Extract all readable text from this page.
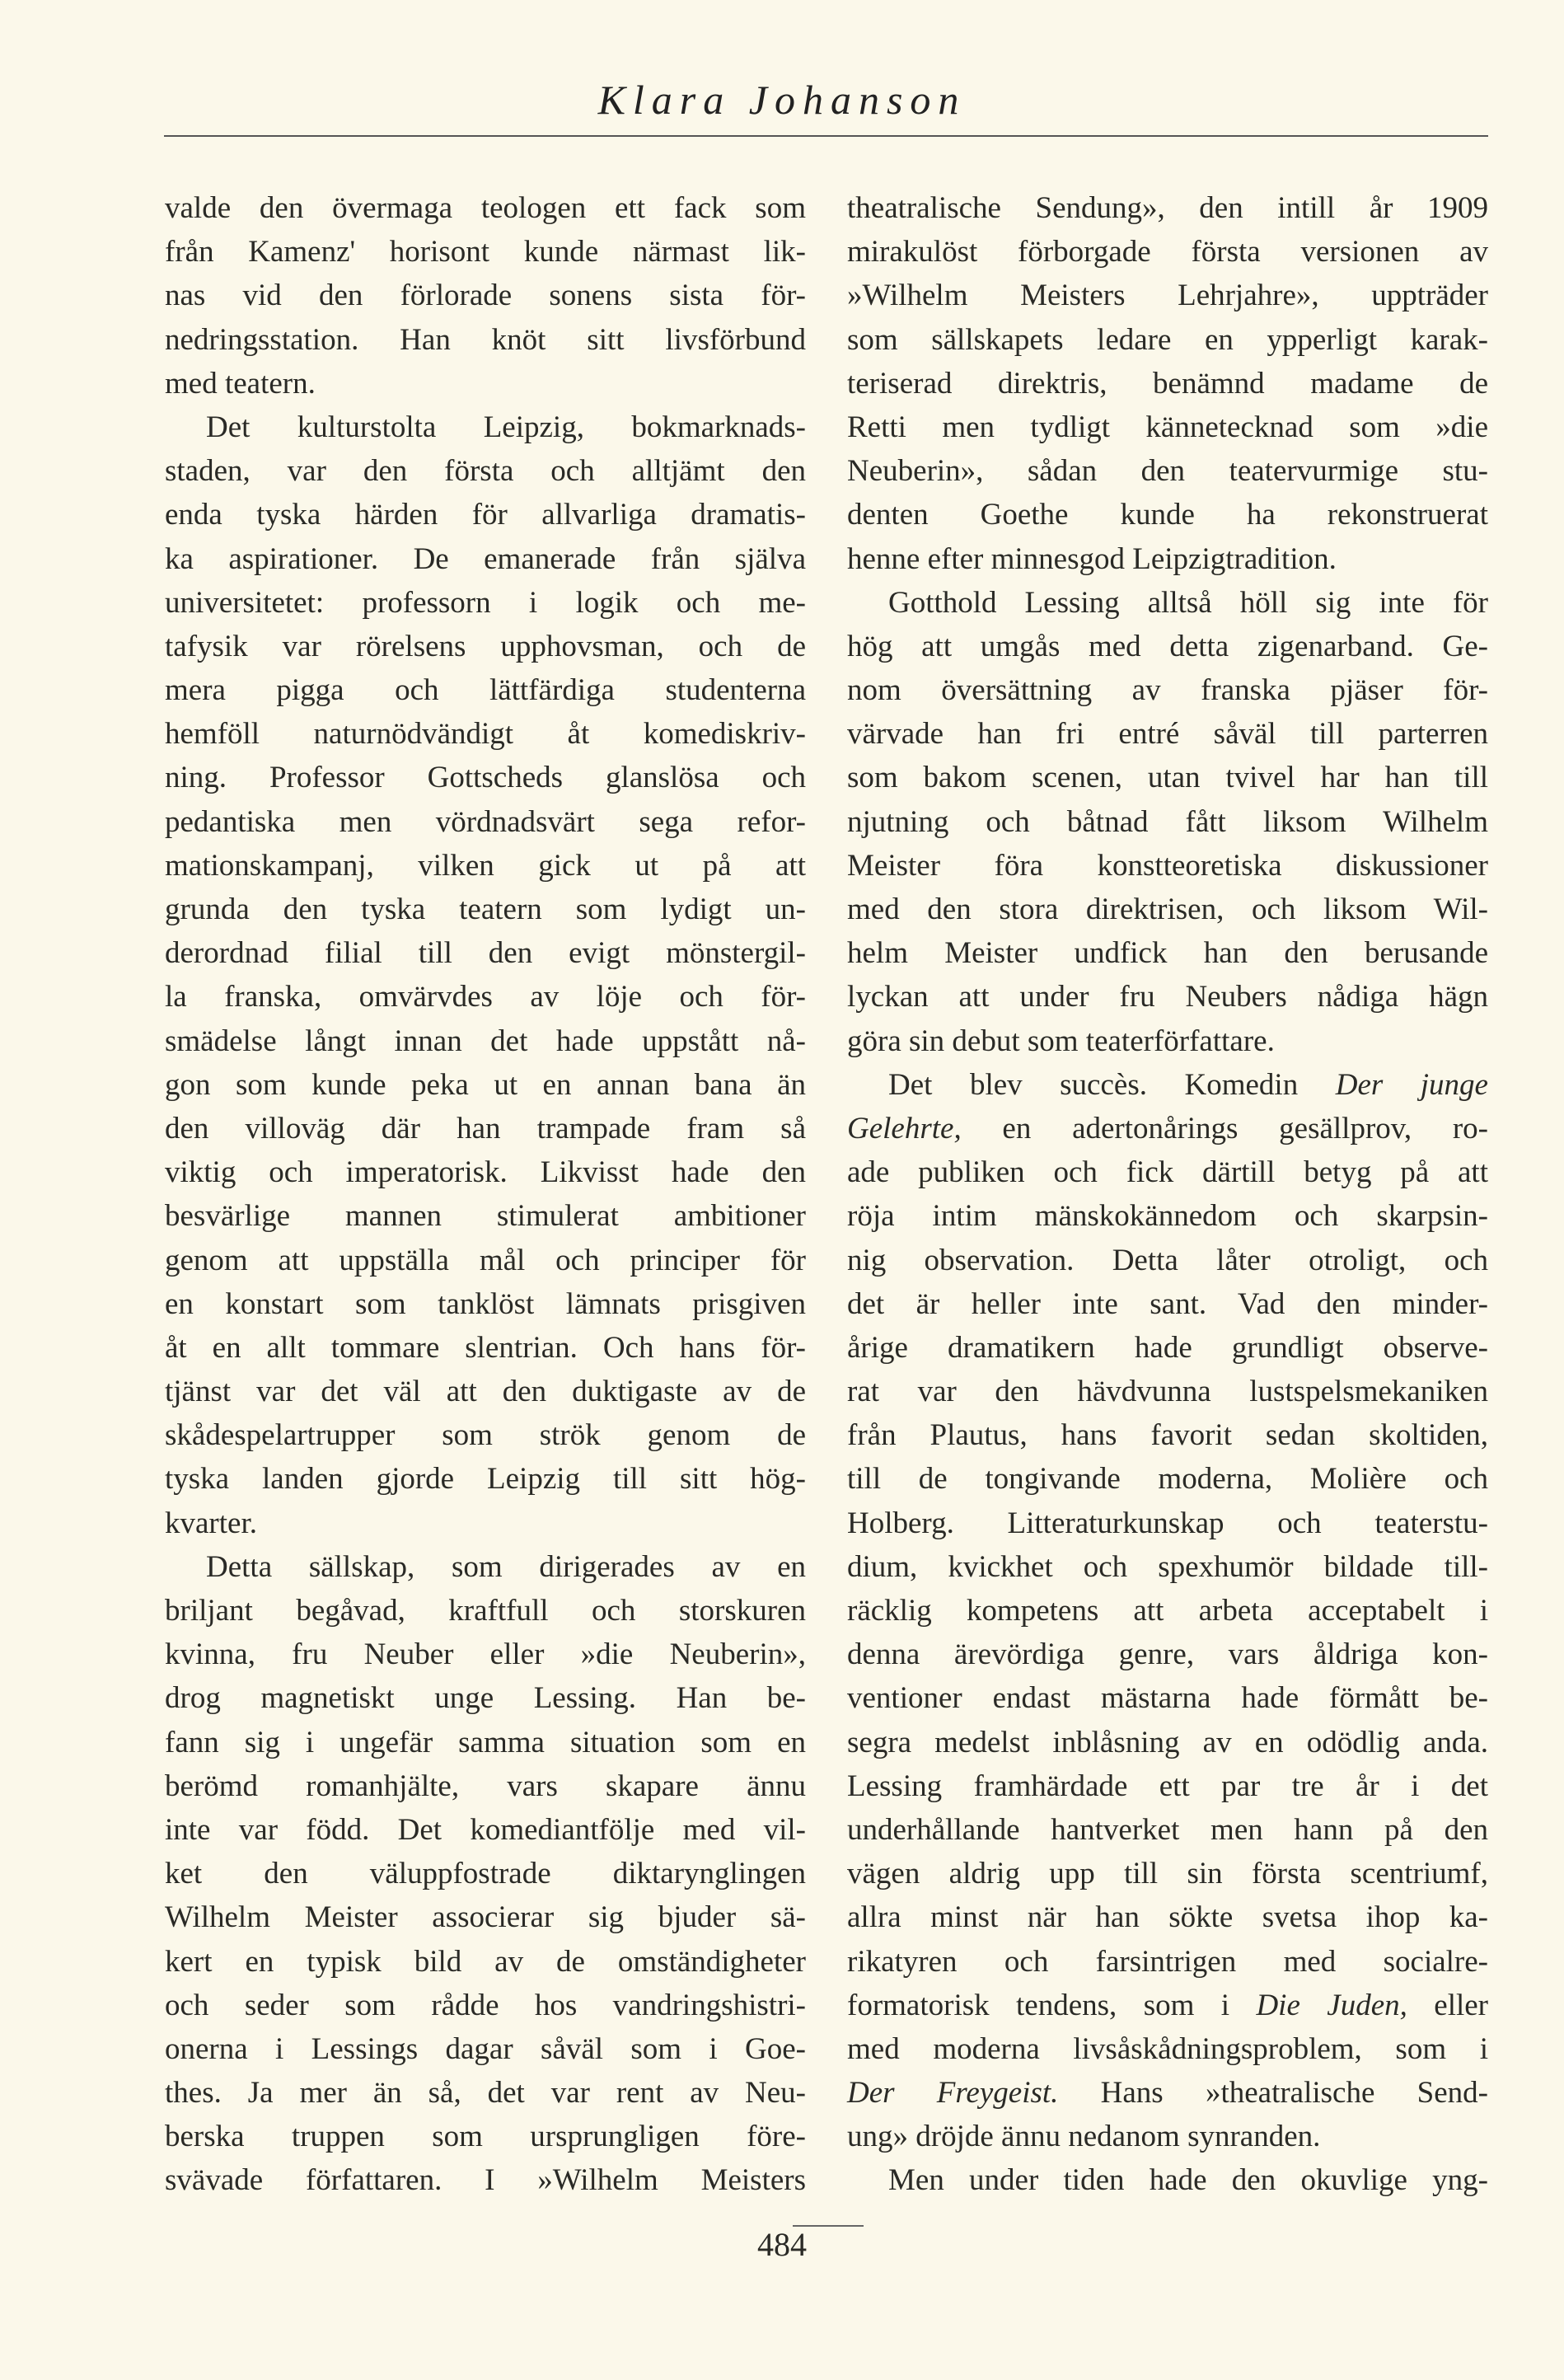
Klara Johanson
valde den övermaga teologen ett fack som
från Kamenz' horisont kunde närmast lik-
nas vid den förlorade sonens sista för-
nedringsstation. Han knöt sitt livsförbund
med teatern.
Det kulturstolta Leipzig, bokmarknads-
staden, var den första och alltjämt den
enda tyska härden för allvarliga dramatis-
ka aspirationer. De emanerade från själva
universitetet: professorn i logik och me-
tafysik var rörelsens upphovsman, och de
mera pigga och lättfärdiga studenterna
hemföll naturnödvändigt åt komediskriv-
ning. Professor Gottscheds glanslösa och
pedantiska men vördnadsvärt sega refor-
mationskampanj, vilken gick ut på att
grunda den tyska teatern som lydigt un-
derordnad filial till den evigt mönstergil-
la franska, omvärvdes av löje och för-
smädelse långt innan det hade uppstått nå-
gon som kunde peka ut en annan bana än
den villoväg där han trampade fram så
viktig och imperatorisk. Likvisst hade den
besvärlige mannen stimulerat ambitioner
genom att uppställa mål och principer för
en konstart som tanklöst lämnats prisgiven
åt en allt tommare slentrian. Och hans för-
tjänst var det väl att den duktigaste av de
skådespelartrupper som strök genom de
tyska landen gjorde Leipzig till sitt hög-
kvarter.
Detta sällskap, som dirigerades av en
briljant begåvad, kraftfull och storskuren
kvinna, fru Neuber eller »die Neuberin»,
drog magnetiskt unge Lessing. Han be-
fann sig i ungefär samma situation som en
berömd romanhjälte, vars skapare ännu
inte var född. Det komediantfölje med vil-
ket den väluppfostrade diktarynglingen
Wilhelm Meister associerar sig bjuder sä-
kert en typisk bild av de omständigheter
och seder som rådde hos vandringshistri-
onerna i Lessings dagar såväl som i Goe-
thes. Ja mer än så, det var rent av Neu-
berska truppen som ursprungligen före-
svävade författaren. I »Wilhelm Meisters
theatralische Sendung», den intill år 1909
mirakulöst förborgade första versionen av
»Wilhelm Meisters Lehrjahre», uppträder
som sällskapets ledare en ypperligt karak-
teriserad direktris, benämnd madame de
Retti men tydligt kännetecknad som »die
Neuberin», sådan den teatervurmige stu-
denten Goethe kunde ha rekonstruerat
henne efter minnesgod Leipzigtradition.
Gotthold Lessing alltså höll sig inte för
hög att umgås med detta zigenarband. Ge-
nom översättning av franska pjäser för-
värvade han fri entré såväl till parterren
som bakom scenen, utan tvivel har han till
njutning och båtnad fått liksom Wilhelm
Meister föra konstteoretiska diskussioner
med den stora direktrisen, och liksom Wil-
helm Meister undfick han den berusande
lyckan att under fru Neubers nådiga hägn
göra sin debut som teaterförfattare.
Det blev succès. Komedin Der junge
Gelehrte, en adertonårings gesällprov, ro-
ade publiken och fick därtill betyg på att
röja intim mänskokännedom och skarpsin-
nig observation. Detta låter otroligt, och
det är heller inte sant. Vad den minder-
årige dramatikern hade grundligt observe-
rat var den hävdvunna lustspelsmekaniken
från Plautus, hans favorit sedan skoltiden,
till de tongivande moderna, Molière och
Holberg. Litteraturkunskap och teaterstu-
dium, kvickhet och spexhumör bildade till-
räcklig kompetens att arbeta acceptabelt i
denna ärevördiga genre, vars åldriga kon-
ventioner endast mästarna hade förmått be-
segra medelst inblåsning av en odödlig anda.
Lessing framhärdade ett par tre år i det
underhållande hantverket men hann på den
vägen aldrig upp till sin första scentriumf,
allra minst när han sökte svetsa ihop ka-
rikatyren och farsintrigen med socialre-
formatorisk tendens, som i Die Juden, eller
med moderna livsåskådningsproblem, som i
Der Freygeist. Hans »theatralische Send-
ung» dröjde ännu nedanom synranden.
Men under tiden hade den okuvlige yng-
484
